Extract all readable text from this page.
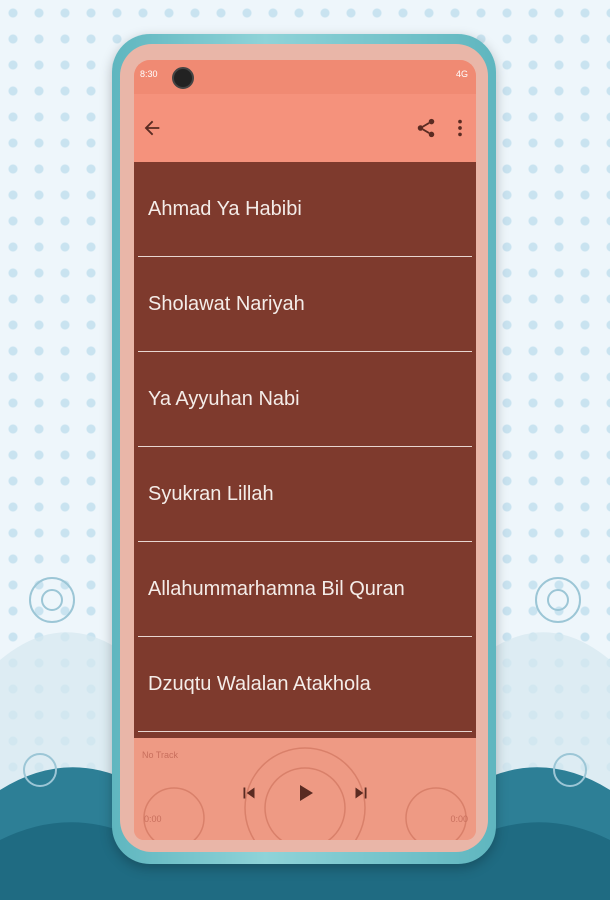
8:30	4G
Ahmad Ya Habibi
Sholawat Nariyah
Ya Ayyuhan Nabi
Syukran Lillah
Allahummarhamna Bil Quran
Dzuqtu Walalan Atakhola
No Track
0:00	0:00
